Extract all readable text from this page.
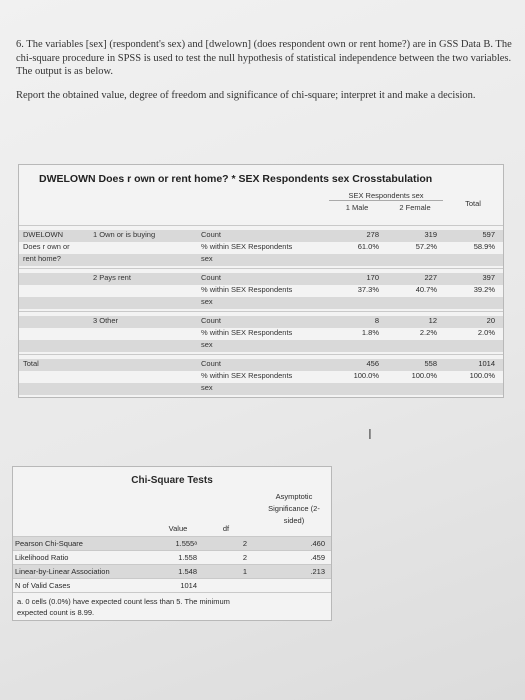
6. The variables [sex] (respondent's sex) and [dwelown] (does respondent own or rent home?) are in GSS Data B. The chi-square procedure in SPSS is used to test the null hypothesis of statistical independence between the two variables. The output is as below.

Report the obtained value, degree of freedom and significance of chi-square; interpret it and make a decision.

DWELOWN Does r own or rent home? * SEX Respondents sex Crosstabulation
SEX Respondents sex
1 Male	2 Female	Total
DWELOWN	1 Own or is buying	Count	278	319	597
Does r own or	% within SEX Respondents	61.0%	57.2%	58.9%
rent home?	sex
2 Pays rent	Count	170	227	397
% within SEX Respondents	37.3%	40.7%	39.2%
sex
3 Other	Count	8	12	20
% within SEX Respondents	1.8%	2.2%	2.0%
sex
Total	Count	456	558	1014
% within SEX Respondents	100.0%	100.0%	100.0%
sex
I
Chi-Square Tests
Asymptotic
Significance (2-
sided)
Value	df
Pearson Chi-Square	1.555ᵃ	2	.460
Likelihood Ratio	1.558	2	.459
Linear-by-Linear Association	1.548	1	.213
N of Valid Cases	1014
a. 0 cells (0.0%) have expected count less than 5. The minimum
expected count is 8.99.
